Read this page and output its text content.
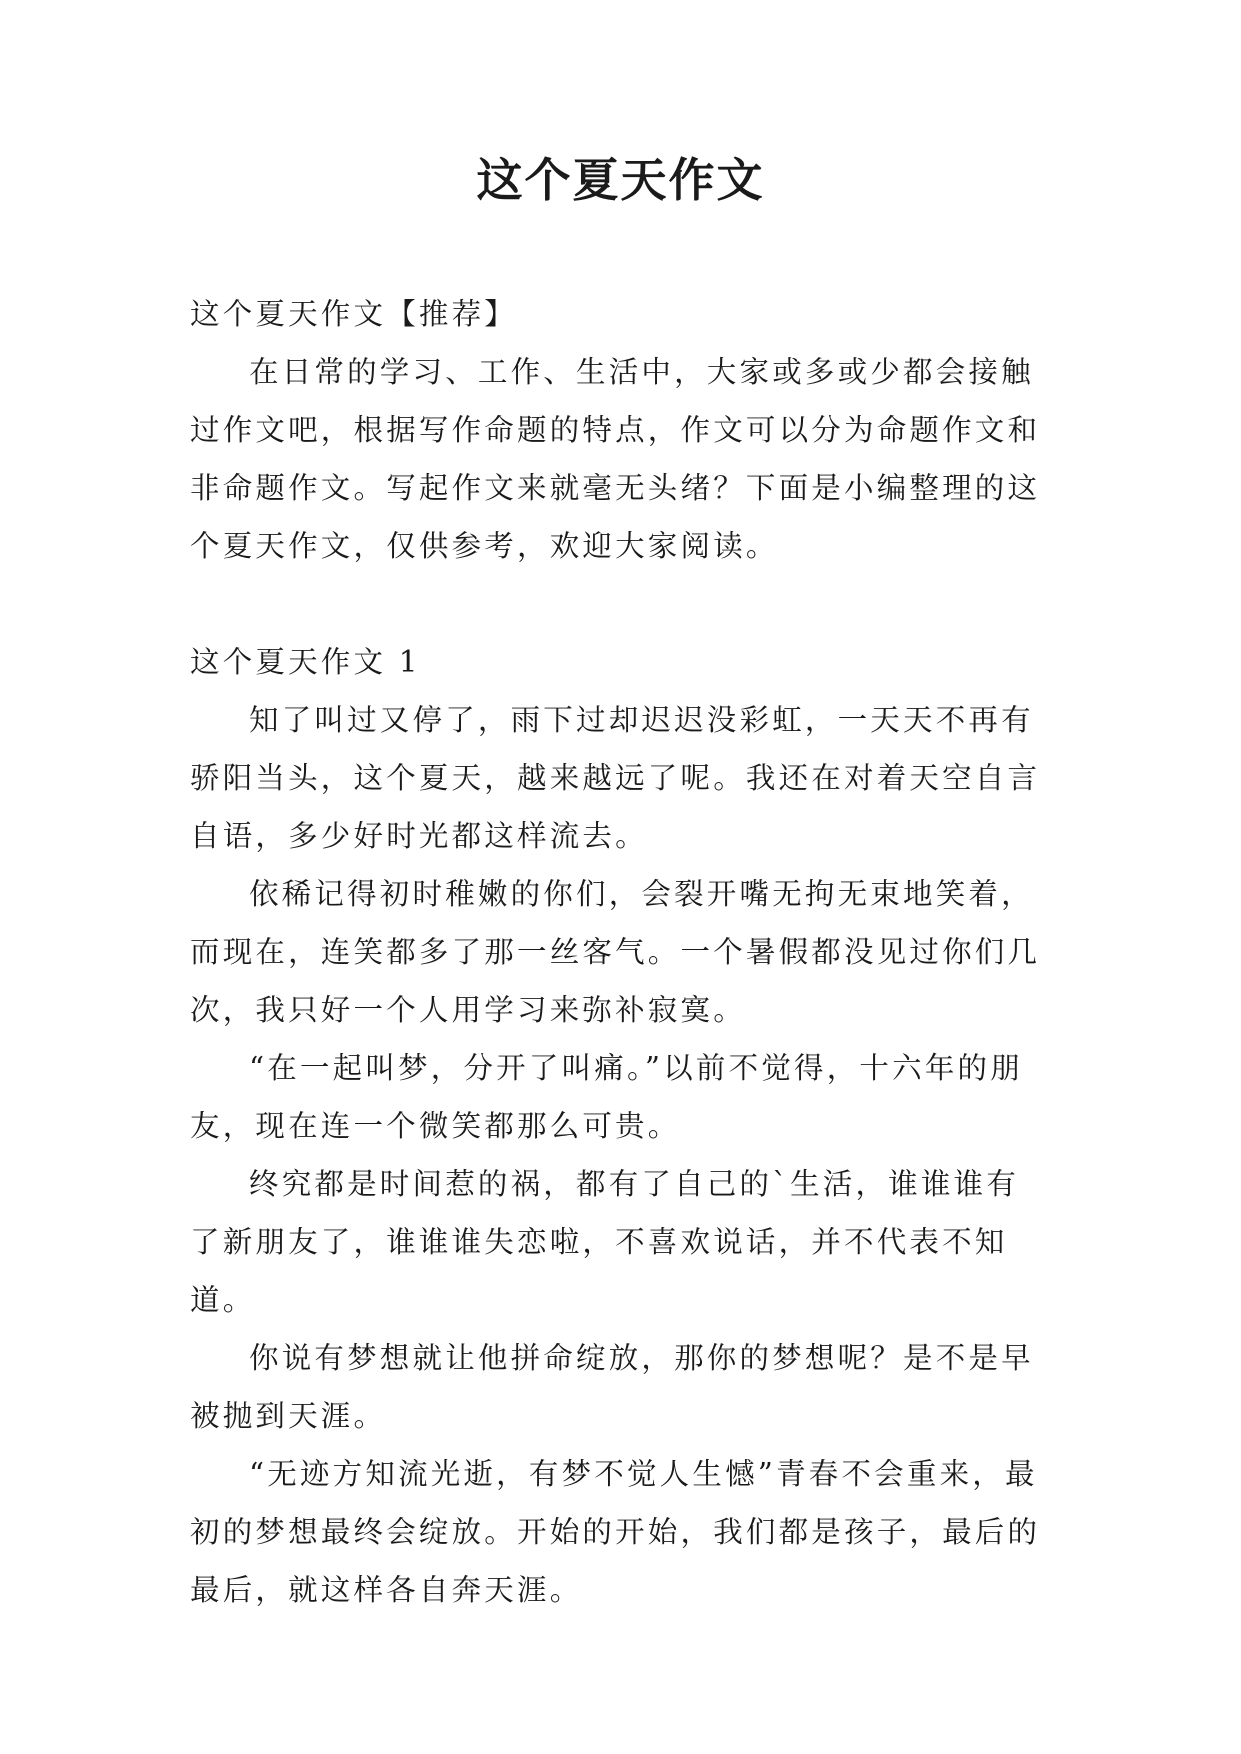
这个夏天作文

这个夏天作文【推荐】

在日常的学习、工作、生活中，大家或多或少都会接触过作文吧，根据写作命题的特点，作文可以分为命题作文和非命题作文。写起作文来就毫无头绪？下面是小编整理的这个夏天作文，仅供参考，欢迎大家阅读。

这个夏天作文 1

知了叫过又停了，雨下过却迟迟没彩虹，一天天不再有骄阳当头，这个夏天，越来越远了呢。我还在对着天空自言自语，多少好时光都这样流去。

依稀记得初时稚嫩的你们，会裂开嘴无拘无束地笑着，而现在，连笑都多了那一丝客气。一个暑假都没见过你们几次，我只好一个人用学习来弥补寂寞。

“在一起叫梦，分开了叫痛。”以前不觉得，十六年的朋友，现在连一个微笑都那么可贵。

终究都是时间惹的祸，都有了自己的`生活，谁谁谁有了新朋友了，谁谁谁失恋啦，不喜欢说话，并不代表不知道。

你说有梦想就让他拼命绽放，那你的梦想呢？是不是早被抛到天涯。

“无迹方知流光逝，有梦不觉人生憾”青春不会重来，最初的梦想最终会绽放。开始的开始，我们都是孩子，最后的最后，就这样各自奔天涯。
